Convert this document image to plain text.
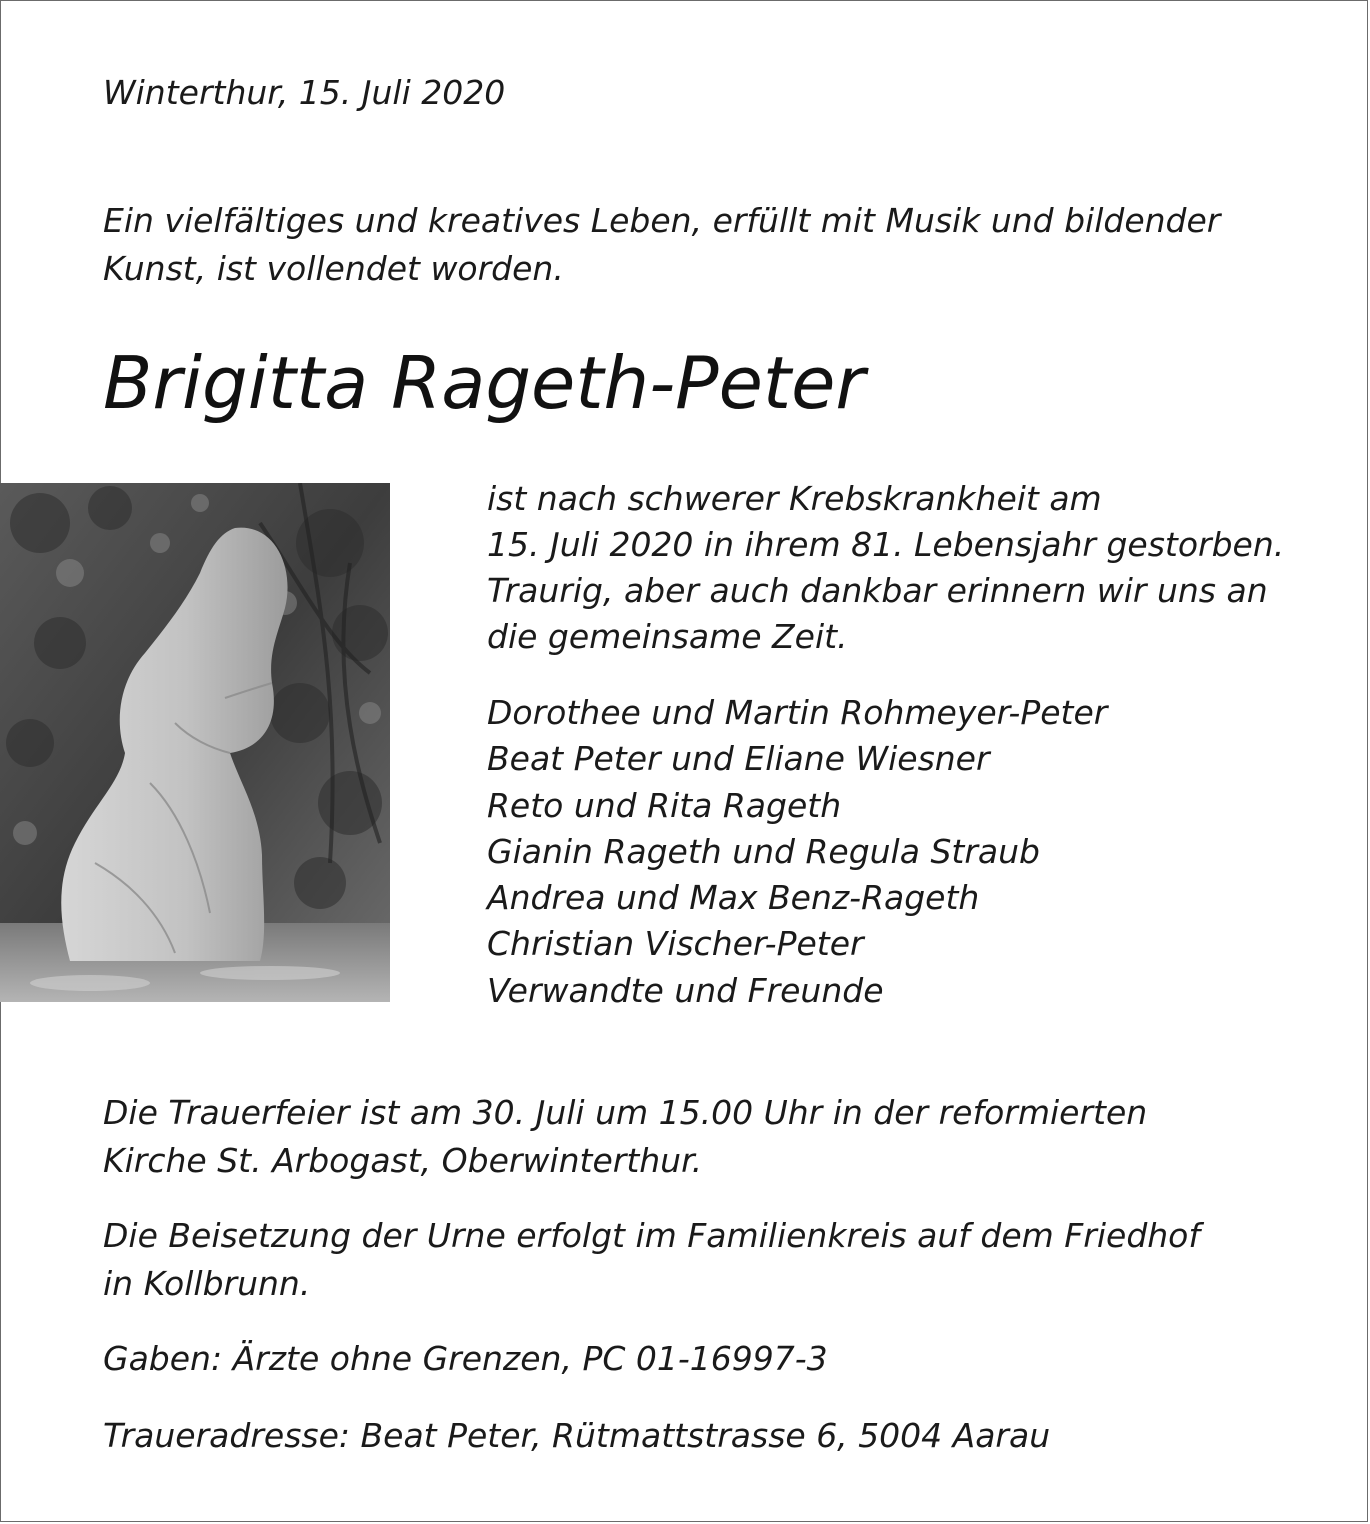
Winterthur, 15. Juli 2020

Ein vielfältiges und kreatives Leben, erfüllt mit Musik und bildender

Kunst, ist vollendet worden.

Brigitta Rageth-Peter

ist nach schwerer Krebskrankheit am

15. Juli 2020 in ihrem 81. Lebensjahr gestorben.

Traurig, aber auch dankbar erinnern wir uns an

die gemeinsame Zeit.

Dorothee und Martin Rohmeyer-Peter
Beat Peter und Eliane Wiesner
Reto und Rita Rageth
Gianin Rageth und Regula Straub
Andrea und Max Benz-Rageth
Christian Vischer-Peter
Verwandte und Freunde

Die Trauerfeier ist am 30. Juli um 15.00 Uhr in der reformierten

Kirche St. Arbogast, Oberwinterthur.

Die Beisetzung der Urne erfolgt im Familienkreis auf dem Friedhof

in Kollbrunn.

Gaben: Ärzte ohne Grenzen, PC 01-16997-3

Traueradresse: Beat Peter, Rütmattstrasse 6, 5004 Aarau
